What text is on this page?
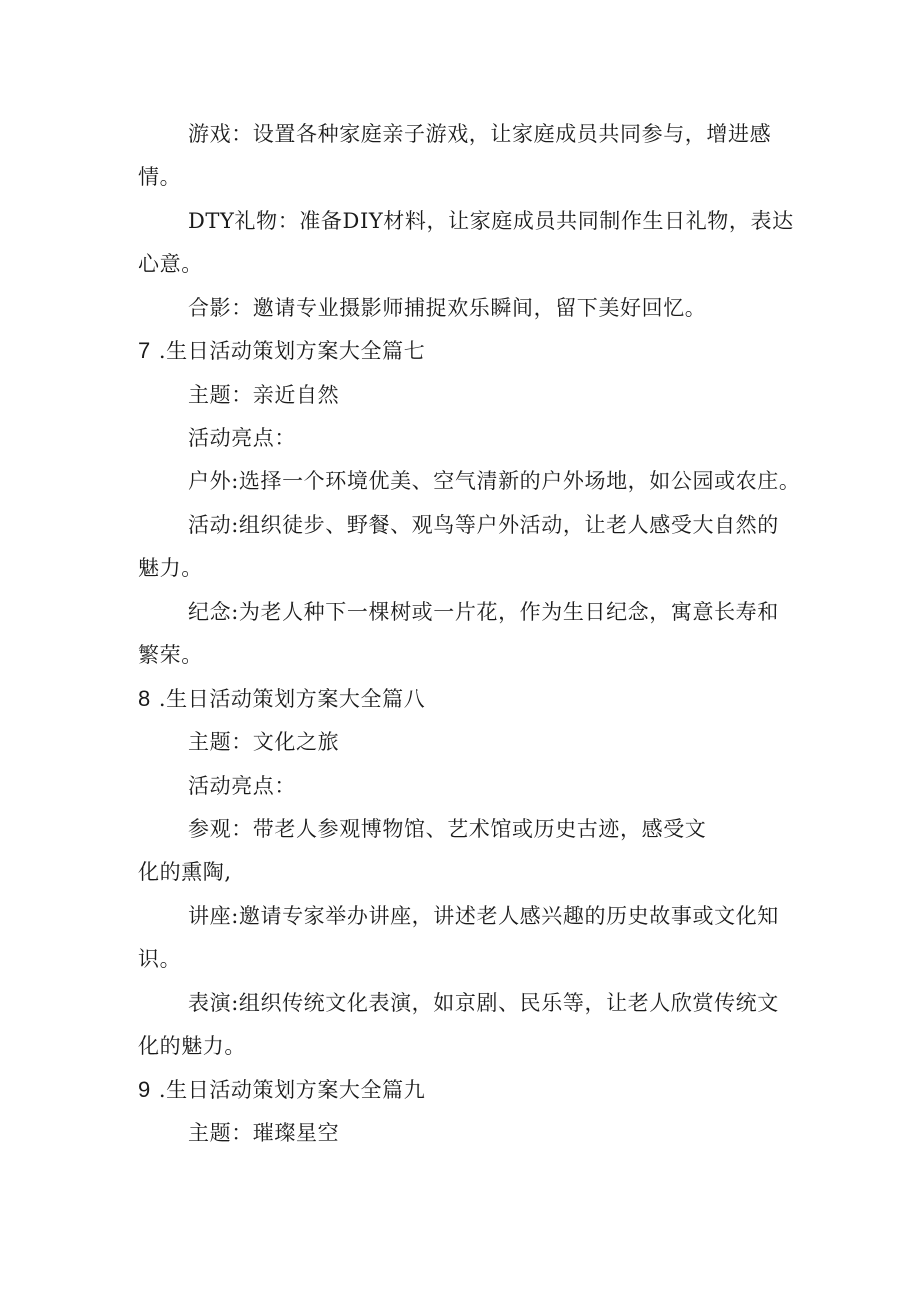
游戏：设置各种家庭亲子游戏，让家庭成员共同参与，增进感
情。
DTY礼物：准备DIY材料，让家庭成员共同制作生日礼物，表达
心意。
合影：邀请专业摄影师捕捉欢乐瞬间，留下美好回忆。
7 .生日活动策划方案大全篇七
主题：亲近自然
活动亮点：
户外:选择一个环境优美、空气清新的户外场地，如公园或农庄。
活动:组织徒步、野餐、观鸟等户外活动，让老人感受大自然的
魅力。
纪念:为老人种下一棵树或一片花，作为生日纪念，寓意长寿和
繁荣。
8 .生日活动策划方案大全篇八
主题：文化之旅
活动亮点：
参观：带老人参观博物馆、艺术馆或历史古迹，感受文
化的熏陶,
讲座:邀请专家举办讲座，讲述老人感兴趣的历史故事或文化知
识。
表演:组织传统文化表演，如京剧、民乐等，让老人欣赏传统文
化的魅力。
9 .生日活动策划方案大全篇九
主题：璀璨星空
